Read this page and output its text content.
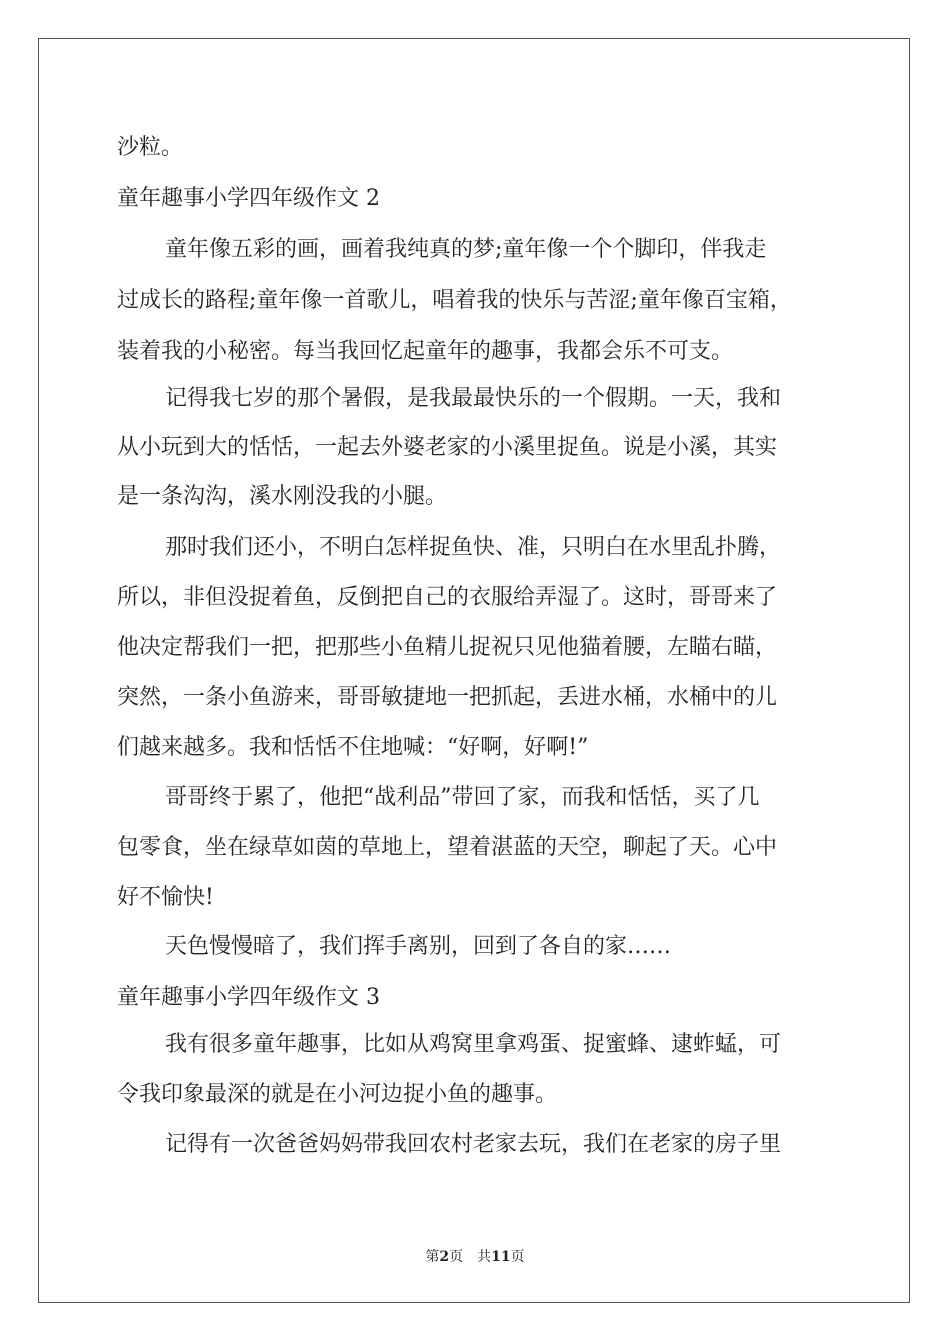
沙粒。

童年趣事小学四年级作文 2

童年像五彩的画，画着我纯真的梦;童年像一个个脚印，伴我走

过成长的路程;童年像一首歌儿，唱着我的快乐与苦涩;童年像百宝箱，

装着我的小秘密。每当我回忆起童年的趣事，我都会乐不可支。

记得我七岁的那个暑假，是我最最快乐的一个假期。一天，我和

从小玩到大的恬恬，一起去外婆老家的小溪里捉鱼。说是小溪，其实

是一条沟沟，溪水刚没我的小腿。

那时我们还小，不明白怎样捉鱼快、准，只明白在水里乱扑腾，

所以，非但没捉着鱼，反倒把自己的衣服给弄湿了。这时，哥哥来了

他决定帮我们一把，把那些小鱼精儿捉祝只见他猫着腰，左瞄右瞄，

突然，一条小鱼游来，哥哥敏捷地一把抓起，丢进水桶，水桶中的儿

们越来越多。我和恬恬不住地喊：“好啊，好啊!”

哥哥终于累了，他把“战利品”带回了家，而我和恬恬，买了几

包零食，坐在绿草如茵的草地上，望着湛蓝的天空，聊起了天。心中

好不愉快!

天色慢慢暗了，我们挥手离别，回到了各自的家……

童年趣事小学四年级作文 3

我有很多童年趣事，比如从鸡窝里拿鸡蛋、捉蜜蜂、逮蚱蜢，可

令我印象最深的就是在小河边捉小鱼的趣事。

记得有一次爸爸妈妈带我回农村老家去玩，我们在老家的房子里

第2页　共11页
